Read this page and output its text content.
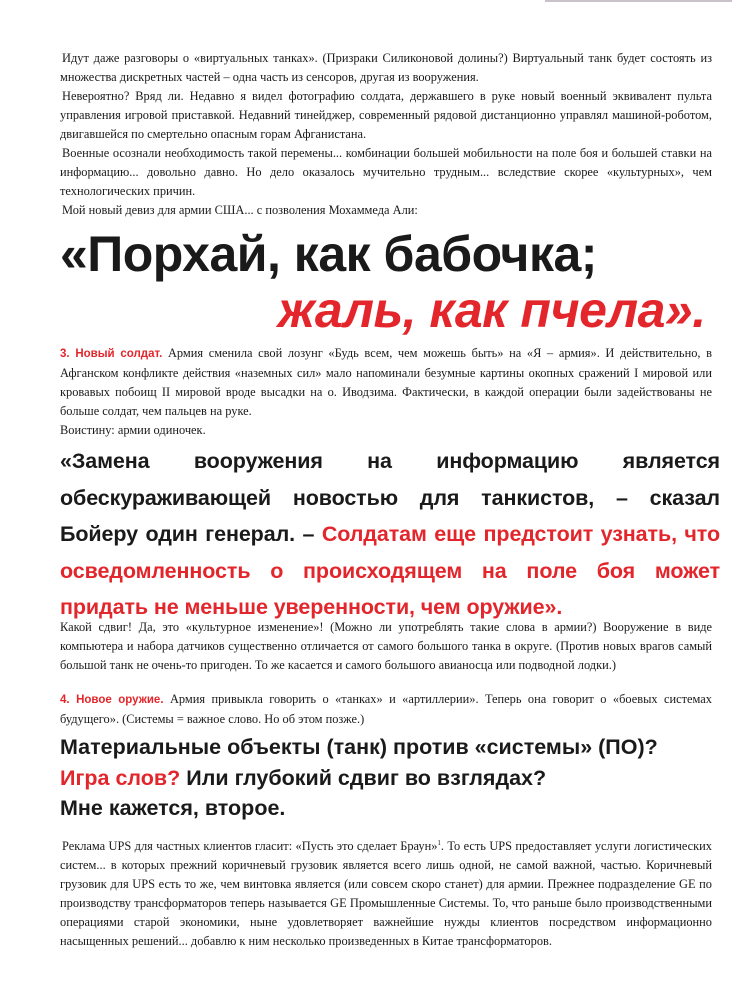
Идут даже разговоры о «виртуальных танках». (Призраки Силиконовой долины?) Виртуальный танк будет состоять из множества дискретных частей – одна часть из сенсоров, другая из вооружения.

Невероятно? Вряд ли. Недавно я видел фотографию солдата, державшего в руке новый военный эквивалент пульта управления игровой приставкой. Недавний тинейджер, современный рядовой дистанционно управлял машиной-роботом, двигавшейся по смертельно опасным горам Афганистана.

Военные осознали необходимость такой перемены... комбинации большей мобильности на поле боя и большей ставки на информацию... довольно давно. Но дело оказалось мучительно трудным... вследствие скорее «культурных», чем технологических причин.

Мой новый девиз для армии США... с позволения Мохаммеда Али:

«Порхай, как бабочка;
жаль, как пчела».

3. Новый солдат. Армия сменила свой лозунг «Будь всем, чем можешь быть» на «Я – армия». И действительно, в Афганском конфликте действия «наземных сил» мало напоминали безумные картины окопных сражений I мировой или кровавых побоищ II мировой вроде высадки на о. Иводзима. Фактически, в каждой операции были задействованы не больше солдат, чем пальцев на руке.

Воистину: армии одиночек.

«Замена вооружения на информацию является обескураживающей новостью для танкистов, – сказал Бойеру один генерал. – Солдатам еще предстоит узнать, что осведомленность о происходящем на поле боя может придать не меньше уверенности, чем оружие».

Какой сдвиг! Да, это «культурное изменение»! (Можно ли употреблять такие слова в армии?) Вооружение в виде компьютера и набора датчиков существенно отличается от самого большого танка в округе. (Против новых врагов самый большой танк не очень-то пригоден. То же касается и самого большого авианосца или подводной лодки.)

4. Новое оружие. Армия привыкла говорить о «танках» и «артиллерии». Теперь она говорит о «боевых системах будущего». (Системы = важное слово. Но об этом позже.)

Материальные объекты (танк) против «системы» (ПО)?
Игра слов? Или глубокий сдвиг во взглядах?
Мне кажется, второе.

Реклама UPS для частных клиентов гласит: «Пусть это сделает Браун»$^1$. То есть UPS предоставляет услуги логистических систем... в которых прежний коричневый грузовик является всего лишь одной, не самой важной, частью. Коричневый грузовик для UPS есть то же, чем винтовка является (или совсем скоро станет) для армии. Прежнее подразделение GE по производству трансформаторов теперь называется GE Промышленные Системы. То, что раньше было производственными операциями старой экономики, ныне удовлетворяет важнейшие нужды клиентов посредством информационно насыщенных решений... добавлю к ним несколько произведенных в Китае трансформаторов.
